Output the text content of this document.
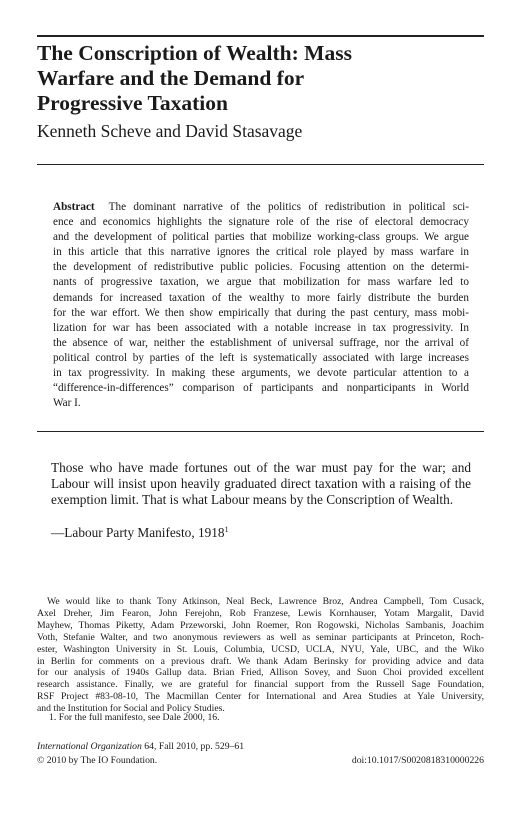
The Conscription of Wealth: Mass
Warfare and the Demand for
Progressive Taxation
Kenneth Scheve and David Stasavage
Abstract The dominant narrative of the politics of redistribution in political sci-
ence and economics highlights the signature role of the rise of electoral democracy
and the development of political parties that mobilize working-class groups. We argue
in this article that this narrative ignores the critical role played by mass warfare in
the development of redistributive public policies. Focusing attention on the determi-
nants of progressive taxation, we argue that mobilization for mass warfare led to
demands for increased taxation of the wealthy to more fairly distribute the burden
for the war effort. We then show empirically that during the past century, mass mobi-
lization for war has been associated with a notable increase in tax progressivity. In
the absence of war, neither the establishment of universal suffrage, nor the arrival of
political control by parties of the left is systematically associated with large increases
in tax progressivity. In making these arguments, we devote particular attention to a
“difference-in-differences” comparison of participants and nonparticipants in World
War I.
Those who have made fortunes out of the war must pay for the war; and
Labour will insist upon heavily graduated direct taxation with a raising of the
exemption limit. That is what Labour means by the Conscription of Wealth.
—Labour Party Manifesto, 1918$^1$
We would like to thank Tony Atkinson, Neal Beck, Lawrence Broz, Andrea Campbell, Tom Cusack,
Axel Dreher, Jim Fearon, John Ferejohn, Rob Franzese, Lewis Kornhauser, Yotam Margalit, David
Mayhew, Thomas Piketty, Adam Przeworski, John Roemer, Ron Rogowski, Nicholas Sambanis, Joachim
Voth, Stefanie Walter, and two anonymous reviewers as well as seminar participants at Princeton, Roch-
ester, Washington University in St. Louis, Columbia, UCSD, UCLA, NYU, Yale, UBC, and the Wiko
in Berlin for comments on a previous draft. We thank Adam Berinsky for providing advice and data
for our analysis of 1940s Gallup data. Brian Fried, Allison Sovey, and Suon Choi provided excellent
research assistance. Finally, we are grateful for financial support from the Russell Sage Foundation,
RSF Project #83-08-10, The Macmillan Center for International and Area Studies at Yale University,
and the Institution for Social and Policy Studies.
1. For the full manifesto, see Dale 2000, 16.
International Organization 64, Fall 2010, pp. 529–61
© 2010 by The IO Foundation.	doi:10.1017/S0020818310000226
